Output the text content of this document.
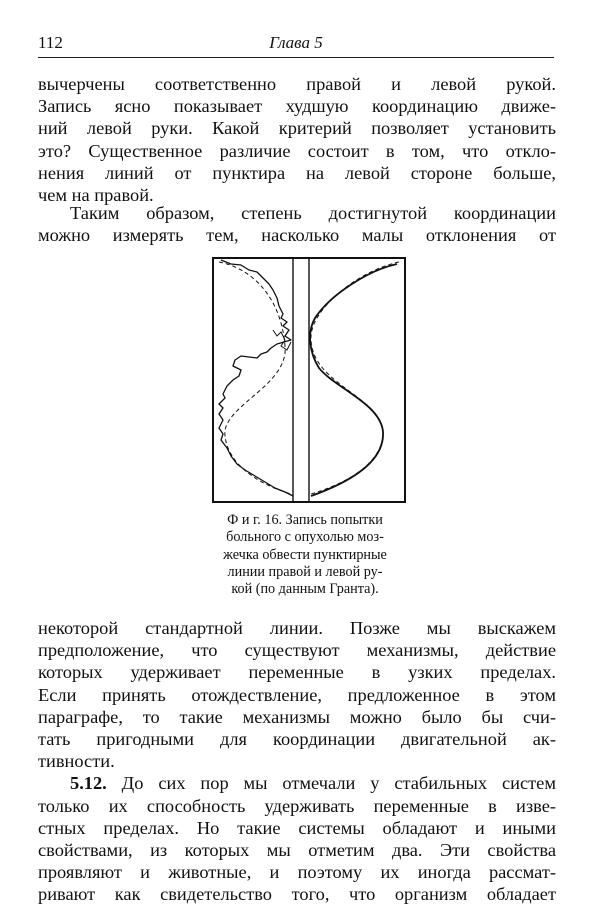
112	Глава 5
вычерчены соответственно правой и левой рукой.
Запись ясно показывает худшую координацию движе-
ний левой руки. Какой критерий позволяет установить
это? Существенное различие состоит в том, что откло-
нения линий от пунктира на левой стороне больше,
чем на правой.
Таким образом, степень достигнутой координации
можно измерять тем, насколько малы отклонения от
Ф и г. 16. Запись попытки
больного с опухолью моз-
жечка обвести пунктирные
линии правой и левой ру-
кой (по данным Гранта).
некоторой стандартной линии. Позже мы выскажем
предположение, что существуют механизмы, действие
которых удерживает переменные в узких пределах.
Если принять отождествление, предложенное в этом
параграфе, то такие механизмы можно было бы счи-
тать пригодными для координации двигательной ак-
тивности.
5.12. До сих пор мы отмечали у стабильных систем
только их способность удерживать переменные в изве-
стных пределах. Но такие системы обладают и иными
свойствами, из которых мы отметим два. Эти свойства
проявляют и животные, и поэтому их иногда рассмат-
ривают как свидетельство того, что организм обладает
